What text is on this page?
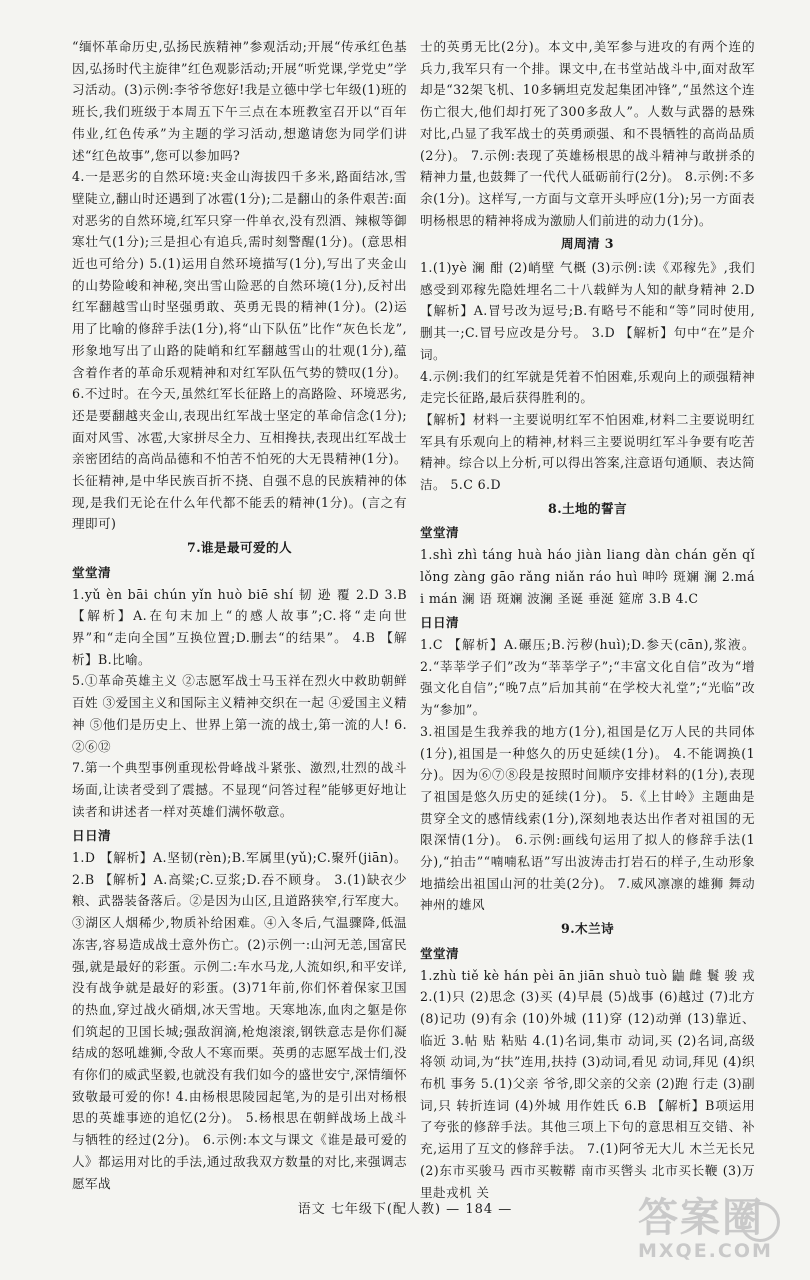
“缅怀革命历史,弘扬民族精神”参观活动;开展“传承红色基因,弘扬时代主旋律”红色观影活动;开展“听党课,学党史”学习活动。(3)示例:李爷爷您好!我是立德中学七年级(1)班的班长,我们班级于本周五下午三点在本班教室召开以“百年伟业,红色传承”为主题的学习活动,想邀请您为同学们讲述“红色故事”,您可以参加吗?

4.一是恶劣的自然环境:夹金山海拔四千多米,路面结冰,雪壁陡立,翻山时还遇到了冰雹(1分);二是翻山的条件艰苦:面对恶劣的自然环境,红军只穿一件单衣,没有烈酒、辣椒等御寒壮气(1分);三是担心有追兵,需时刻警醒(1分)。(意思相近也可给分) 5.(1)运用自然环境描写(1分),写出了夹金山的山势险峻和神秘,突出雪山险恶的自然环境(1分),反衬出红军翻越雪山时坚强勇敢、英勇无畏的精神(1分)。(2)运用了比喻的修辞手法(1分),将“山下队伍”比作“灰色长龙”,形象地写出了山路的陡峭和红军翻越雪山的壮观(1分),蕴含着作者的革命乐观精神和对红军队伍气势的赞叹(1分)。 6.不过时。在今天,虽然红军长征路上的高路险、环境恶劣,还是要翻越夹金山,表现出红军战士坚定的革命信念(1分);面对风雪、冰雹,大家拼尽全力、互相搀扶,表现出红军战士亲密团结的高尚品德和不怕苦不怕死的大无畏精神(1分)。长征精神,是中华民族百折不挠、自强不息的民族精神的体现,是我们无论在什么年代都不能丢的精神(1分)。(言之有理即可)

7.谁是最可爱的人

堂堂清

1.yǔ èn bāi chún yǐn huò biē shí 韧 逊 覆 2.D 3.B 【解析】A.在句末加上“的感人故事”;C.将“走向世界”和“走向全国”互换位置;D.删去“的结果”。 4.B 【解析】B.比喻。

5.①革命英雄主义 ②志愿军战士马玉祥在烈火中救助朝鲜百姓 ③爱国主义和国际主义精神交织在一起 ④爱国主义精神 ⑤他们是历史上、世界上第一流的战士,第一流的人! 6.②⑥⑫

7.第一个典型事例重现松骨峰战斗紧张、激烈,壮烈的战斗场面,让读者受到了震撼。不显现“问答过程”能够更好地让读者和讲述者一样对英雄们满怀敬意。

日日清

1.D 【解析】A.坚韧(rèn);B.军属里(yǔ);C.聚歼(jiān)。 2.B 【解析】A.高粱;C.豆浆;D.吞不顾身。 3.(1)缺衣少粮、武器装备落后。②是因为山区,且道路狭窄,行军度大。③湖区人烟稀少,物质补给困难。④入冬后,气温骤降,低温冻害,容易造成战士意外伤亡。(2)示例一:山河无恙,国富民强,就是最好的彩蛋。示例二:车水马龙,人流如织,和平安详,没有战争就是最好的彩蛋。(3)71年前,你们怀着保家卫国的热血,穿过战火硝烟,冰天雪地。天寒地冻,血肉之躯是你们筑起的卫国长城;强敌润滴,枪炮滚滚,钢铁意志是你们凝结成的怒吼雄狮,令敌人不寒而栗。英勇的志愿军战士们,没有你们的威武坚毅,也就没有我们如今的盛世安宁,深情缅怀致敬最可爱的你! 4.由杨根思陵园起笔,为的是引出对杨根思的英雄事迹的追忆(2分)。 5.杨根思在朝鲜战场上战斗与牺牲的经过(2分)。 6.示例:本文与课文《谁是最可爱的人》都运用对比的手法,通过敌我双方数量的对比,来强调志愿军战

士的英勇无比(2分)。本文中,美军参与进攻的有两个连的兵力,我军只有一个排。课文中,在书堂站战斗中,面对敌军却是“32架飞机、10多辆坦克发起集团冲锋”,“虽然这个连伤亡很大,他们却打死了300多敌人”。人数与武器的悬殊对比,凸显了我军战士的英勇顽强、和不畏牺牲的高尚品质(2分)。 7.示例:表现了英雄杨根思的战斗精神与敢拼杀的精神力量,也鼓舞了一代代人砥砺前行(2分)。 8.示例:不多余(1分)。这样写,一方面与文章开头呼应(1分);另一方面表明杨根思的精神将成为激励人们前进的动力(1分)。

周周清 3

1.(1)yè 澜 酣 (2)峭壁 气概 (3)示例:读《邓稼先》,我们感受到邓稼先隐姓埋名二十八载鲜为人知的献身精神 2.D 【解析】A.冒号改为逗号;B.有略号不能和“等”同时使用,删其一;C.冒号应改是分号。 3.D 【解析】句中“在”是介词。

4.示例:我们的红军就是凭着不怕困难,乐观向上的顽强精神走完长征路,最后获得胜利的。

【解析】材料一主要说明红军不怕困难,材料二主要说明红军具有乐观向上的精神,材料三主要说明红军斗争要有吃苦精神。综合以上分析,可以得出答案,注意语句通顺、表达简洁。 5.C 6.D

8.土地的誓言

堂堂清

1.shì zhì táng huà háo jiàn liang dàn chán gěn qǐ lǒng zàng gāo rǎng niǎn ráo huì 呻吟 斑斓 澜 2.mái mán 澜 语 斑斓 波澜 圣诞 垂涎 筵席 3.B 4.C

日日清

1.C 【解析】A.碾压;B.污秽(huì);D.参天(cān),浆液。 2.“莘莘学子们”改为“莘莘学子”;“丰富文化自信”改为“增强文化自信”;“晚7点”后加其前“在学校大礼堂”;“光临”改为“参加”。

3.祖国是生我养我的地方(1分),祖国是亿万人民的共同体(1分),祖国是一种悠久的历史延续(1分)。 4.不能调换(1分)。因为⑥⑦⑧段是按照时间顺序安排材料的(1分),表现了祖国是悠久历史的延续(1分)。 5.《上甘岭》主题曲是贯穿全文的感情线索(1分),深刻地表达出作者对祖国的无限深情(1分)。 6.示例:画线句运用了拟人的修辞手法(1分),“拍击”“喃喃私语”写出波涛击打岩石的样子,生动形象地描绘出祖国山河的壮美(2分)。 7.威风凛凛的雄狮 舞动神州的雄风

9.木兰诗

堂堂清

1.zhù tiě kè hán pèi ān jiān shuò tuò 鼬 雌 鬟 骏 戎 2.(1)只 (2)思念 (3)买 (4)早晨 (5)战事 (6)越过 (7)北方 (8)记功 (9)有余 (10)外城 (11)穿 (12)动弹 (13)靠近、临近 3.帖 贴 粘贴 4.(1)名词,集市 动词,买 (2)名词,高级将领 动词,为“扶”连用,扶持 (3)动词,看见 动词,拜见 (4)织布机 事务 5.(1)父亲 爷爷,即父亲的父亲 (2)跑 行走 (3)副词,只 转折连词 (4)外城 用作姓氏 6.B 【解析】B项运用了夸张的修辞手法。其他三项上下句的意思相互交错、补充,运用了互文的修辞手法。 7.(1)阿爷无大儿 木兰无长兄 (2)东市买骏马 西市买鞍鞯 南市买辔头 北市买长鞭 (3)万里赴戎机 关

语文 七年级下(配人教) — 184 —	答案圈
MXQE.COM
